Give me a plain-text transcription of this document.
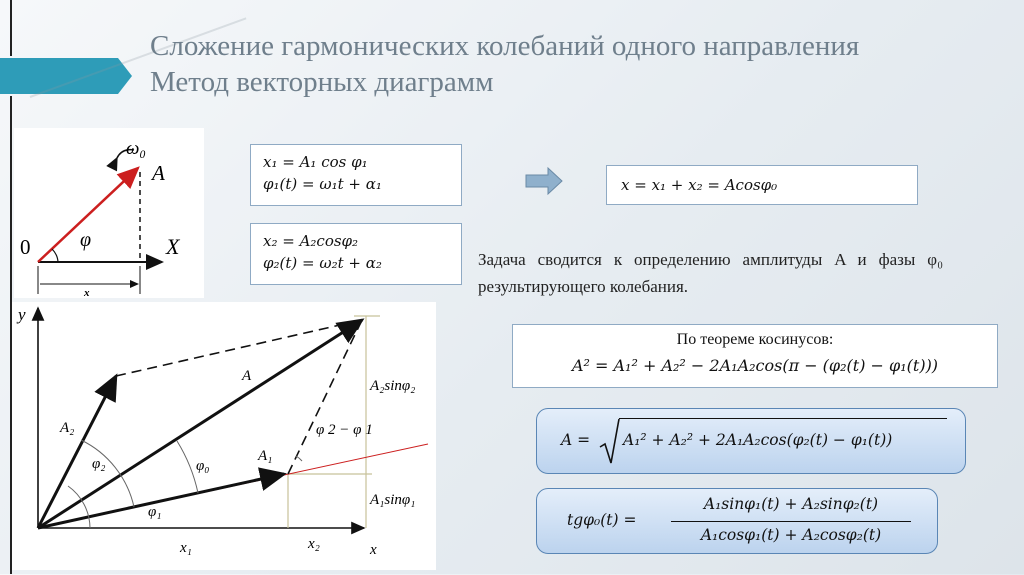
Сложение гармонических колебаний одного направления
Метод векторных диаграмм
ω₀
A
0 φ	X
x
y
x
A₂
A
A₁
φ₂	φ₀
φ₁
φ 2 − φ 1
A₂sinφ₂
A₁sinφ₁
x₁	x₂
x₁ = A₁ cos φ₁
φ₁(t) = ω₁t + α₁
x₂ = A₂cosφ₂
φ₂(t) = ω₂t + α₂
x = x₁ + x₂ = Acosφ₀
Задача сводится к определению амплитуды A и фазы φ₀ результирующего колебания.
По теореме косинусов:
A² = A₁² + A₂² − 2A₁A₂cos(π − (φ₂(t) − φ₁(t)))
A = A₁² + A₂² + 2A₁A₂cos(φ₂(t) − φ₁(t))
tgφ₀(t) =
A₁sinφ₁(t) + A₂sinφ₂(t)
A₁cosφ₁(t) + A₂cosφ₂(t)
